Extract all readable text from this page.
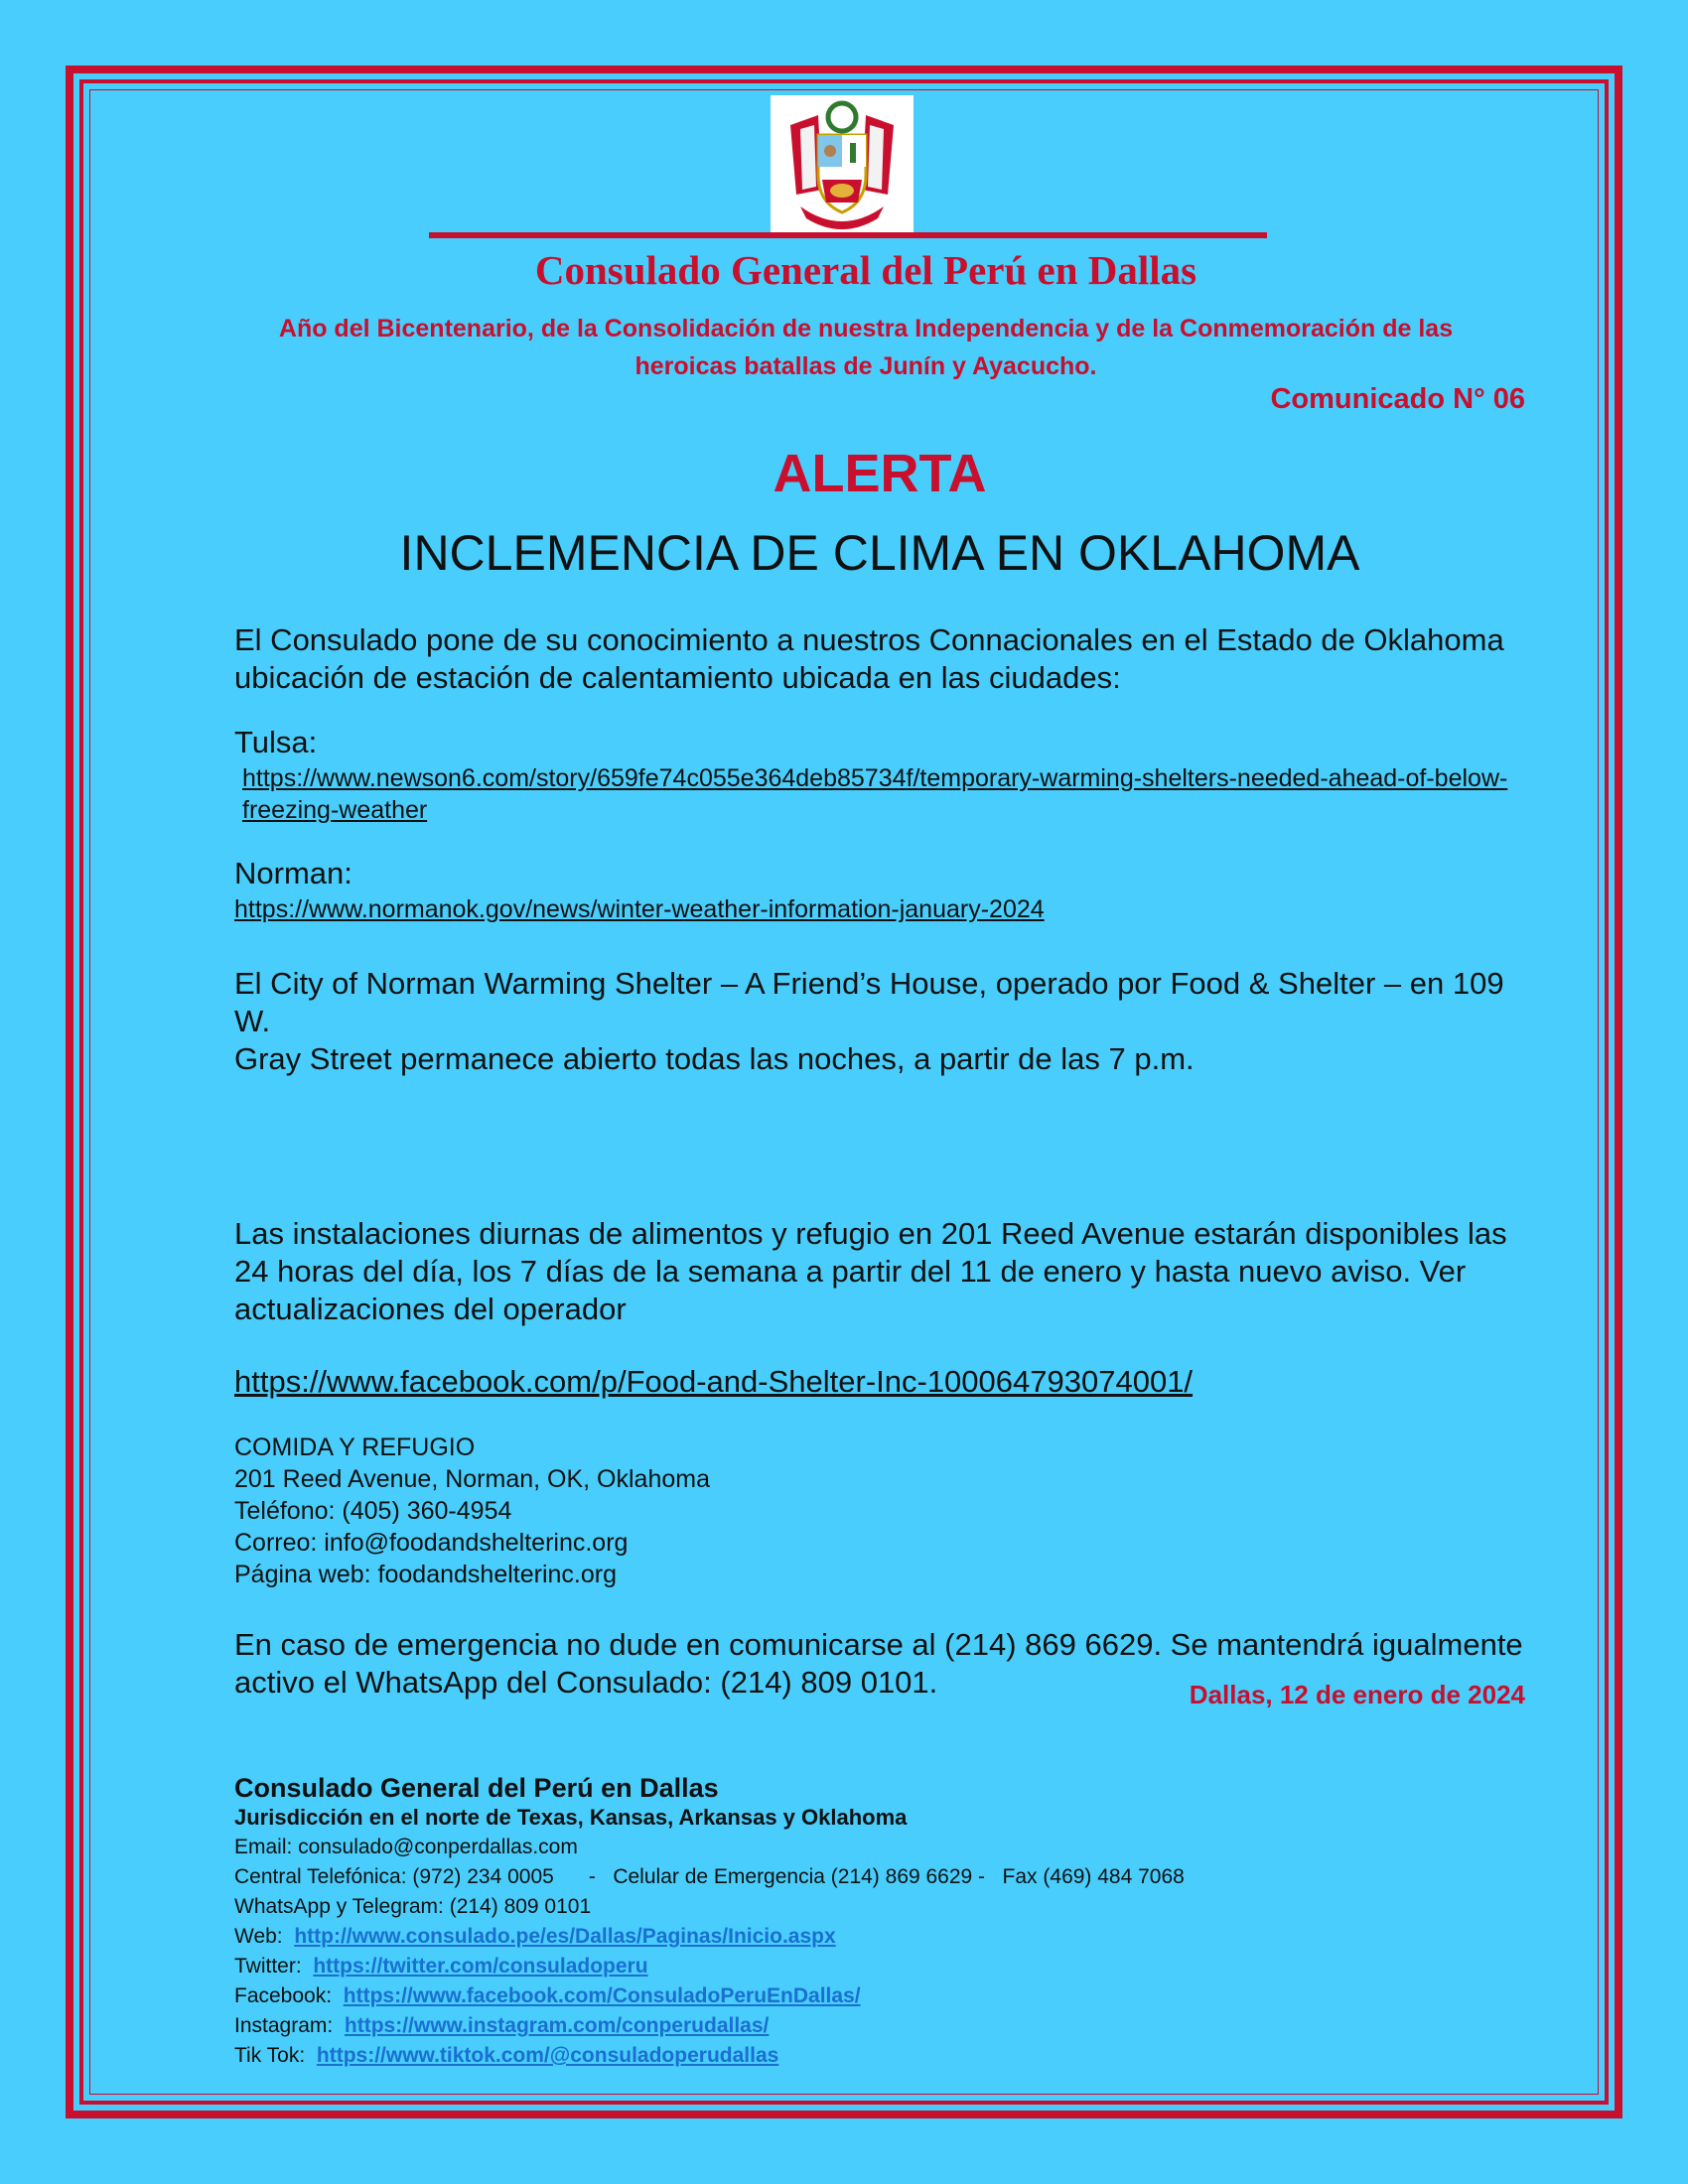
Consulado General del Perú en Dallas
Año del Bicentenario, de la Consolidación de nuestra Independencia y de la Conmemoración de las
heroicas batallas de Junín y Ayacucho.
Comunicado N° 06
ALERTA
INCLEMENCIA DE CLIMA EN OKLAHOMA
El Consulado pone de su conocimiento a nuestros Connacionales en el Estado de Oklahoma ubicación de estación de calentamiento ubicada en las ciudades:
Tulsa:
https://www.newson6.com/story/659fe74c055e364deb85734f/temporary-warming-shelters-needed-ahead-of-below-freezing-weather
Norman:
https://www.normanok.gov/news/winter-weather-information-january-2024
El City of Norman Warming Shelter – A Friend’s House, operado por Food & Shelter – en 109 W.
Gray Street permanece abierto todas las noches, a partir de las 7 p.m.
Las instalaciones diurnas de alimentos y refugio en 201 Reed Avenue estarán disponibles las 24 horas del día, los 7 días de la semana a partir del 11 de enero y hasta nuevo aviso. Ver actualizaciones del operador
https://www.facebook.com/p/Food-and-Shelter-Inc-100064793074001/
COMIDA Y REFUGIO
201 Reed Avenue, Norman, OK, Oklahoma
Teléfono: (405) 360-4954
Correo: info@foodandshelterinc.org
Página web: foodandshelterinc.org
En caso de emergencia no dude en comunicarse al (214) 869 6629. Se mantendrá igualmente activo el WhatsApp del Consulado: (214) 809 0101.	Dallas, 12 de enero de 2024
Consulado General del Perú en Dallas
Jurisdicción en el norte de Texas, Kansas, Arkansas y Oklahoma
Email: consulado@conperdallas.com
Central Telefónica: (972) 234 0005      -   Celular de Emergencia (214) 869 6629 -   Fax (469) 484 7068
WhatsApp y Telegram: (214) 809 0101
Web:  http://www.consulado.pe/es/Dallas/Paginas/Inicio.aspx
Twitter:  https://twitter.com/consuladoperu
Facebook:  https://www.facebook.com/ConsuladoPeruEnDallas/
Instagram:  https://www.instagram.com/conperudallas/
Tik Tok:  https://www.tiktok.com/@consuladoperudallas
